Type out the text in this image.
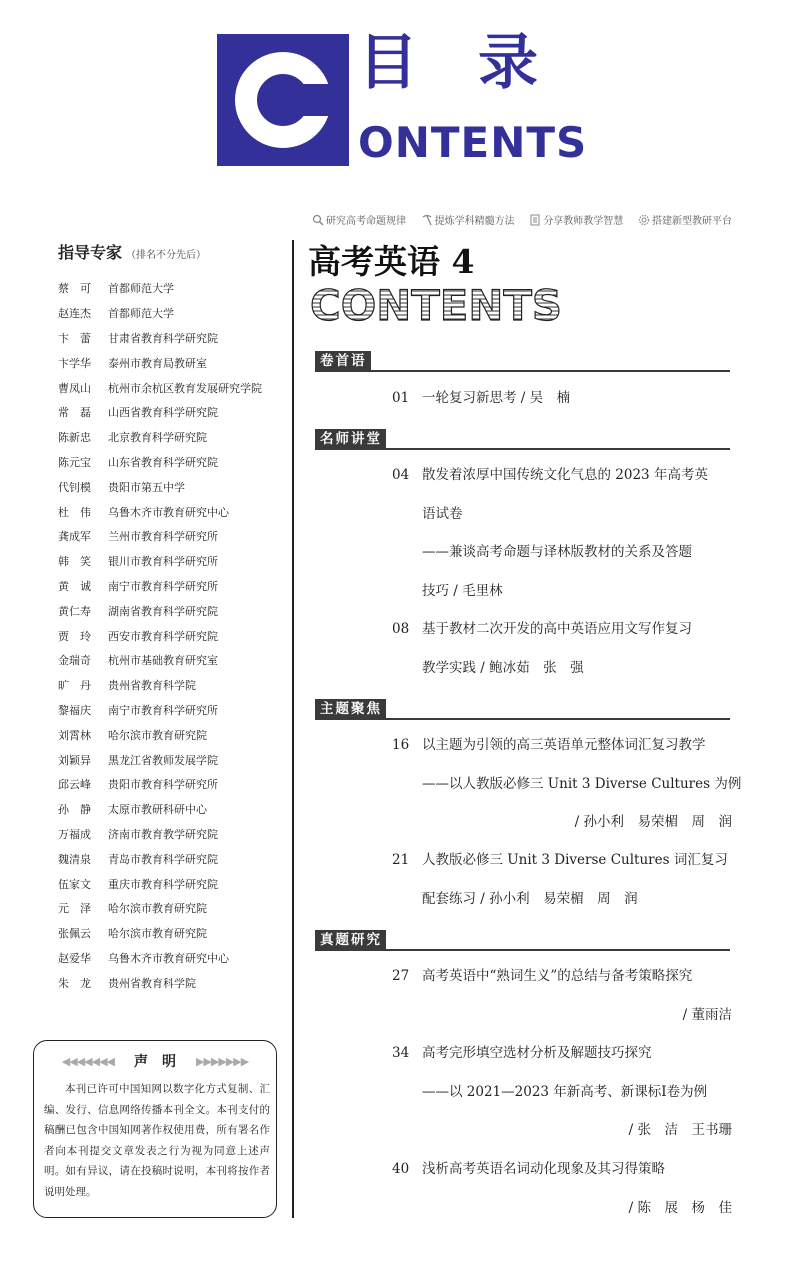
目录
ONTENTS
研究高考命题规律	提炼学科精髓方法	分享教师教学智慧	搭建新型教研平台
指导专家 （排名不分先后）
蔡　可	首都师范大学
赵连杰	首都师范大学
卞　蕾	甘肃省教育科学研究院
卞学华	泰州市教育局教研室
曹凤山	杭州市余杭区教育发展研究学院
常　磊	山西省教育科学研究院
陈新忠	北京教育科学研究院
陈元宝	山东省教育科学研究院
代钊模	贵阳市第五中学
杜　伟	乌鲁木齐市教育研究中心
龚成军	兰州市教育科学研究所
韩　笑	银川市教育科学研究所
黄　诚	南宁市教育科学研究所
黄仁寿	湖南省教育科学研究院
贾　玲	西安市教育科学研究院
金瑞奇	杭州市基础教育研究室
旷　丹	贵州省教育科学院
黎福庆	南宁市教育科学研究所
刘霄林	哈尔滨市教育研究院
刘颖异	黑龙江省教师发展学院
邱云峰	贵阳市教育科学研究所
孙　静	太原市教研科研中心
万福成	济南市教育教学研究院
魏清泉	青岛市教育科学研究院
伍家文	重庆市教育科学研究院
元　泽	哈尔滨市教育研究院
张佩云	哈尔滨市教育研究院
赵爱华	乌鲁木齐市教育研究中心
朱　龙	贵州省教育科学院
◀◀◀◀◀◀◀ 声明 ▶▶▶▶▶▶▶
本刊已许可中国知网以数字化方式复制、汇编、发行、信息网络传播本刊全文。本刊支付的稿酬已包含中国知网著作权使用费，所有署名作者向本刊提交文章发表之行为视为同意上述声明。如有异议，请在投稿时说明，本刊将按作者说明处理。
高考英语 4
CONTENTS
卷首语
名师讲堂
主题聚焦
真题研究
01 一轮复习新思考 / 吴　楠
04 散发着浓厚中国传统文化气息的 2023 年高考英
语试卷
——兼谈高考命题与译林版教材的关系及答题
技巧 / 毛里林
08 基于教材二次开发的高中英语应用文写作复习
教学实践 / 鲍冰茹　张　强
16 以主题为引领的高三英语单元整体词汇复习教学
——以人教版必修三 Unit 3 Diverse Cultures 为例
/ 孙小利　易荣楣　周　润
21 人教版必修三 Unit 3 Diverse Cultures 词汇复习
配套练习 / 孙小利　易荣楣　周　润
27 高考英语中“熟词生义”的总结与备考策略探究
/ 董雨洁
34 高考完形填空选材分析及解题技巧探究
——以 2021—2023 年新高考、新课标Ⅰ卷为例
/ 张　洁　王书珊
40 浅析高考英语名词动化现象及其习得策略
/ 陈　展　杨　佳
